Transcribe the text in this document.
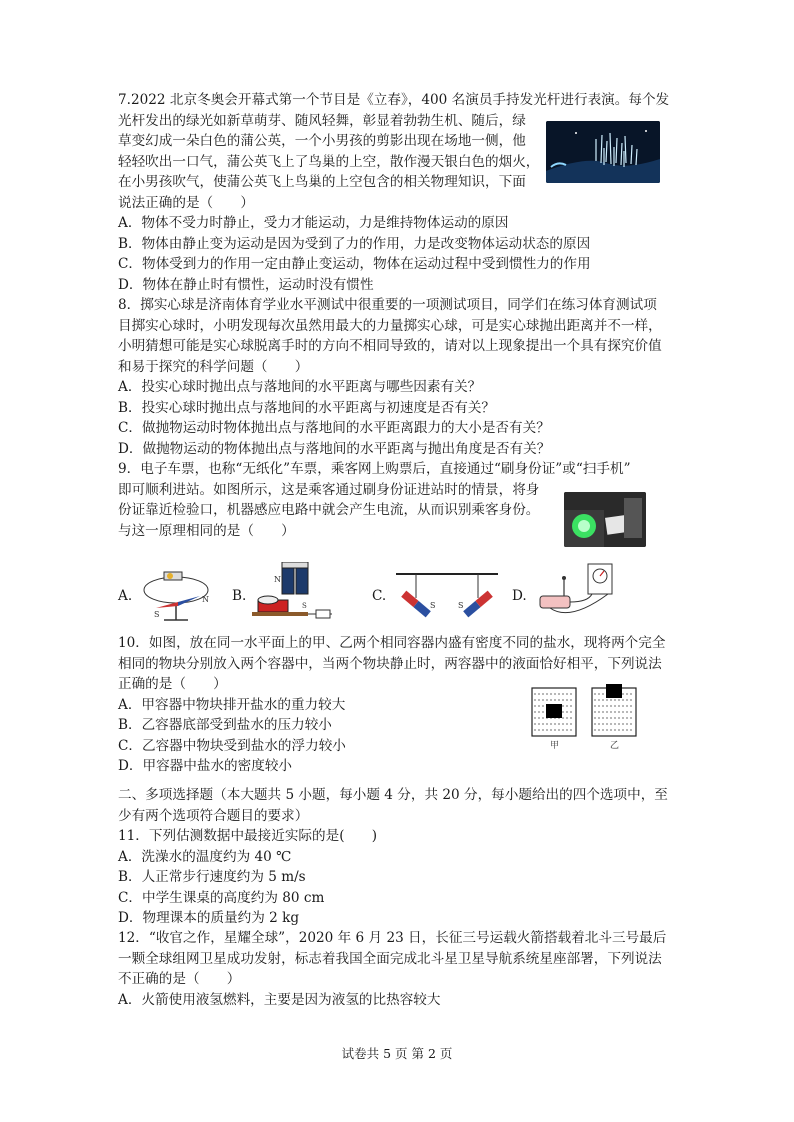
7.2022 北京冬奥会开幕式第一个节目是《立春》，400 名演员手持发光杆进行表演。每个发
光杆发出的绿光如新草萌芽、随风轻舞，彰显着勃勃生机、随后，绿
草变幻成一朵白色的蒲公英，一个小男孩的剪影出现在场地一侧，他
轻轻吹出一口气，蒲公英飞上了鸟巢的上空，散作漫天银白色的烟火，
在小男孩吹气，使蒲公英飞上鸟巢的上空包含的相关物理知识，下面
说法正确的是（　　）
A．物体不受力时静止，受力才能运动，力是维持物体运动的原因
B．物体由静止变为运动是因为受到了力的作用，力是改变物体运动状态的原因
C．物体受到力的作用一定由静止变运动，物体在运动过程中受到惯性力的作用
D．物体在静止时有惯性，运动时没有惯性
8．掷实心球是济南体育学业水平测试中很重要的一项测试项目，同学们在练习体育测试项
目掷实心球时，小明发现每次虽然用最大的力量掷实心球，可是实心球抛出距离并不一样，
小明猜想可能是实心球脱离手时的方向不相同导致的，请对以上现象提出一个具有探究价值
和易于探究的科学问题（　　）
A．投实心球时抛出点与落地间的水平距离与哪些因素有关？
B．投实心球时抛出点与落地间的水平距离与初速度是否有关？
C．做抛物运动时物体抛出点与落地间的水平距离跟力的大小是否有关？
D．做抛物运动的物体抛出点与落地间的水平距离与抛出角度是否有关？
9．电子车票，也称“无纸化”车票，乘客网上购票后，直接通过“刷身份证”或“扫手机”
即可顺利进站。如图所示，这是乘客通过刷身份证进站时的情景，将身
份证靠近检验口，机器感应电路中就会产生电流，从而识别乘客身份。
与这一原理相同的是（　　）
A.
S
N B.
N
S
C.
S	S
D.
10．如图，放在同一水平面上的甲、乙两个相同容器内盛有密度不同的盐水，现将两个完全
相同的物块分别放入两个容器中，当两个物块静止时，两容器中的液面恰好相平，下列说法
正确的是（　　）
A．甲容器中物块排开盐水的重力较大
B．乙容器底部受到盐水的压力较小
C．乙容器中物块受到盐水的浮力较小
D．甲容器中盐水的密度较小
甲	乙
二、多项选择题（本大题共 5 小题，每小题 4 分，共 20 分，每小题给出的四个选项中，至
少有两个选项符合题目的要求）
11．下列估测数据中最接近实际的是(　　)
A．洗澡水的温度约为 40 ℃
B．人正常步行速度约为 5 m/s
C．中学生课桌的高度约为 80 cm
D．物理课本的质量约为 2 kg
12．“收官之作，星耀全球”，2020 年 6 月 23 日，长征三号运载火箭搭载着北斗三号最后
一颗全球组网卫星成功发射，标志着我国全面完成北斗星卫星导航系统星座部署，下列说法
不正确的是（　　）
A．火箭使用液氢燃料，主要是因为液氢的比热容较大
试卷共 5 页 第 2 页
